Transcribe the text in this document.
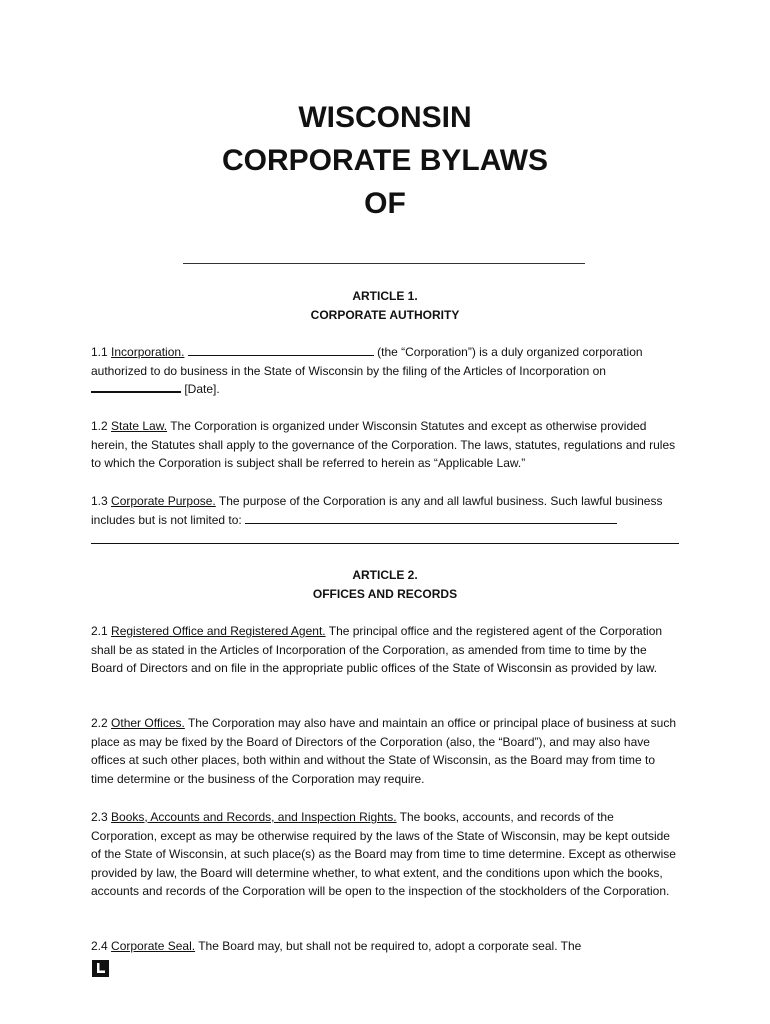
WISCONSIN
CORPORATE BYLAWS
OF
ARTICLE 1.
CORPORATE AUTHORITY
1.1 Incorporation.	(the “Corporation”) is a duly organized corporation authorized to do business in the State of Wisconsin by the filing of the Articles of Incorporation on  [Date].
1.2 State Law. The Corporation is organized under Wisconsin Statutes and except as otherwise provided herein, the Statutes shall apply to the governance of the Corporation. The laws, statutes, regulations and rules to which the Corporation is subject shall be referred to herein as “Applicable Law.”
1.3 Corporate Purpose. The purpose of the Corporation is any and all lawful business. Such lawful business includes but is not limited to:
ARTICLE 2.
OFFICES AND RECORDS
2.1 Registered Office and Registered Agent. The principal office and the registered agent of the Corporation shall be as stated in the Articles of Incorporation of the Corporation, as amended from time to time by the Board of Directors and on file in the appropriate public offices of the State of Wisconsin as provided by law.
2.2 Other Offices. The Corporation may also have and maintain an office or principal place of business at such place as may be fixed by the Board of Directors of the Corporation (also, the “Board”), and may also have offices at such other places, both within and without the State of Wisconsin, as the Board may from time to time determine or the business of the Corporation may require.
2.3 Books, Accounts and Records, and Inspection Rights. The books, accounts, and records of the Corporation, except as may be otherwise required by the laws of the State of Wisconsin, may be kept outside of the State of Wisconsin, at such place(s) as the Board may from time to time determine. Except as otherwise provided by law, the Board will determine whether, to what extent, and the conditions upon which the books, accounts and records of the Corporation will be open to the inspection of the stockholders of the Corporation.
2.4 Corporate Seal. The Board may, but shall not be required to, adopt a corporate seal. The
